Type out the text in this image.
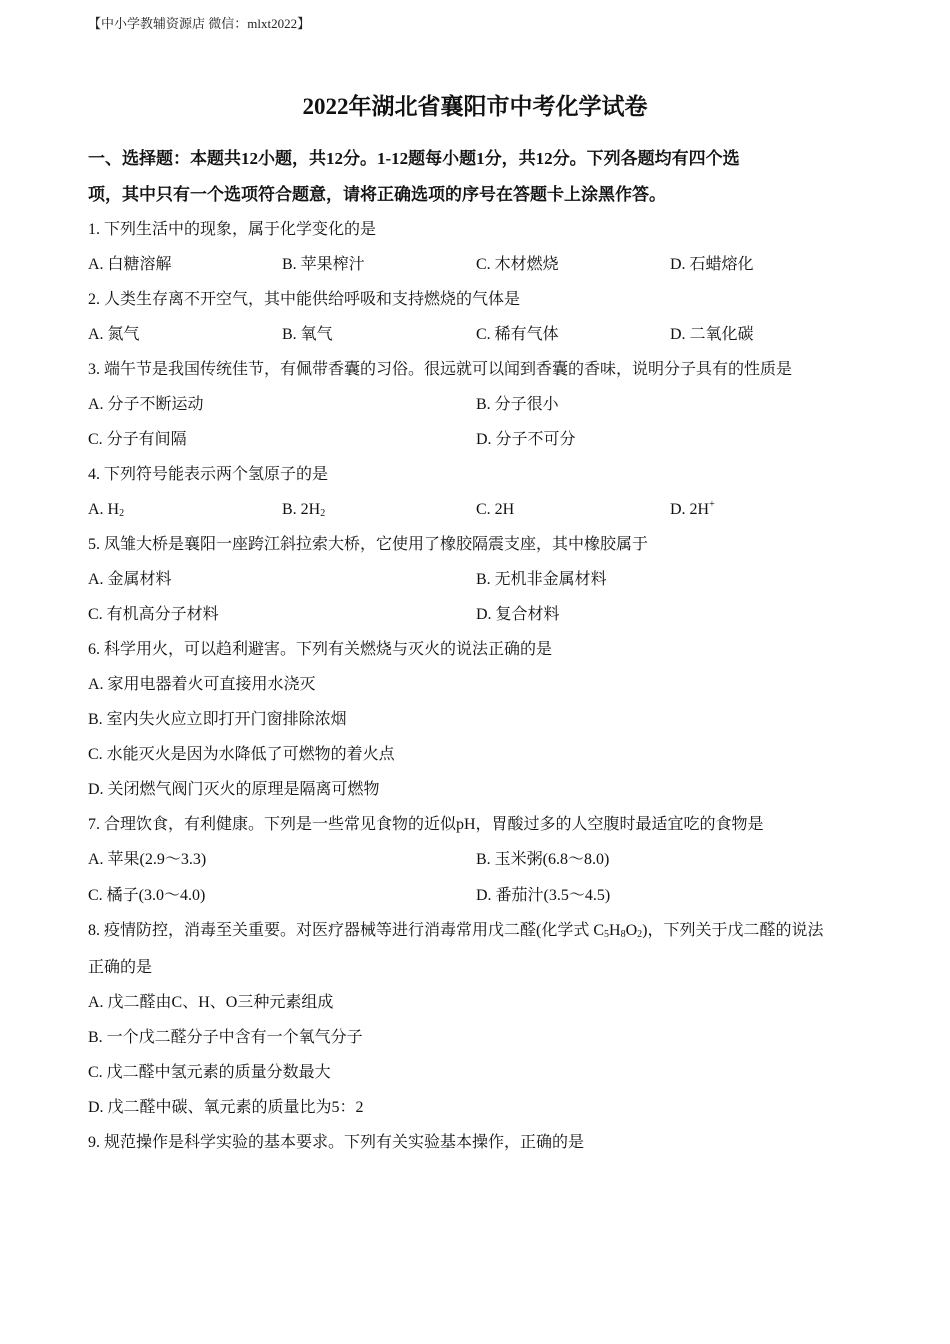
【中小学教辅资源店 微信：mlxt2022】
2022年湖北省襄阳市中考化学试卷
一、选择题：本题共12小题，共12分。1-12题每小题1分，共12分。下列各题均有四个选
项，其中只有一个选项符合题意，请将正确选项的序号在答题卡上涂黑作答。
1. 下列生活中的现象，属于化学变化的是
A. 白糖溶解	B. 苹果榨汁	C. 木材燃烧	D. 石蜡熔化
2. 人类生存离不开空气，其中能供给呼吸和支持燃烧的气体是
A. 氮气	B. 氧气	C. 稀有气体	D. 二氧化碳
3. 端午节是我国传统佳节，有佩带香囊的习俗。很远就可以闻到香囊的香味，说明分子具有的性质是
A. 分子不断运动	B. 分子很小
C. 分子有间隔	D. 分子不可分
4. 下列符号能表示两个氢原子的是
A. $H_2$	B. $2H_2$	C. 2H	D. 2H+
5. 凤雏大桥是襄阳一座跨江斜拉索大桥，它使用了橡胶隔震支座，其中橡胶属于
A. 金属材料	B. 无机非金属材料
C. 有机高分子材料	D. 复合材料
6. 科学用火，可以趋利避害。下列有关燃烧与灭火的说法正确的是
A. 家用电器着火可直接用水浇灭
B. 室内失火应立即打开门窗排除浓烟
C. 水能灭火是因为水降低了可燃物的着火点
D. 关闭燃气阀门灭火的原理是隔离可燃物
7. 合理饮食，有利健康。下列是一些常见食物的近似pH，胃酸过多的人空腹时最适宜吃的食物是
A. 苹果(2.9～3.3)	B. 玉米粥(6.8～8.0)
C. 橘子(3.0～4.0)	D. 番茄汁(3.5～4.5)
8. 疫情防控，消毒至关重要。对医疗器械等进行消毒常用戊二醛(化学式 $C_5H_8O_2$)，下列关于戊二醛的说法
正确的是
A. 戊二醛由C、H、O三种元素组成
B. 一个戊二醛分子中含有一个氧气分子
C. 戊二醛中氢元素的质量分数最大
D. 戊二醛中碳、氧元素的质量比为5：2
9. 规范操作是科学实验的基本要求。下列有关实验基本操作，正确的是
